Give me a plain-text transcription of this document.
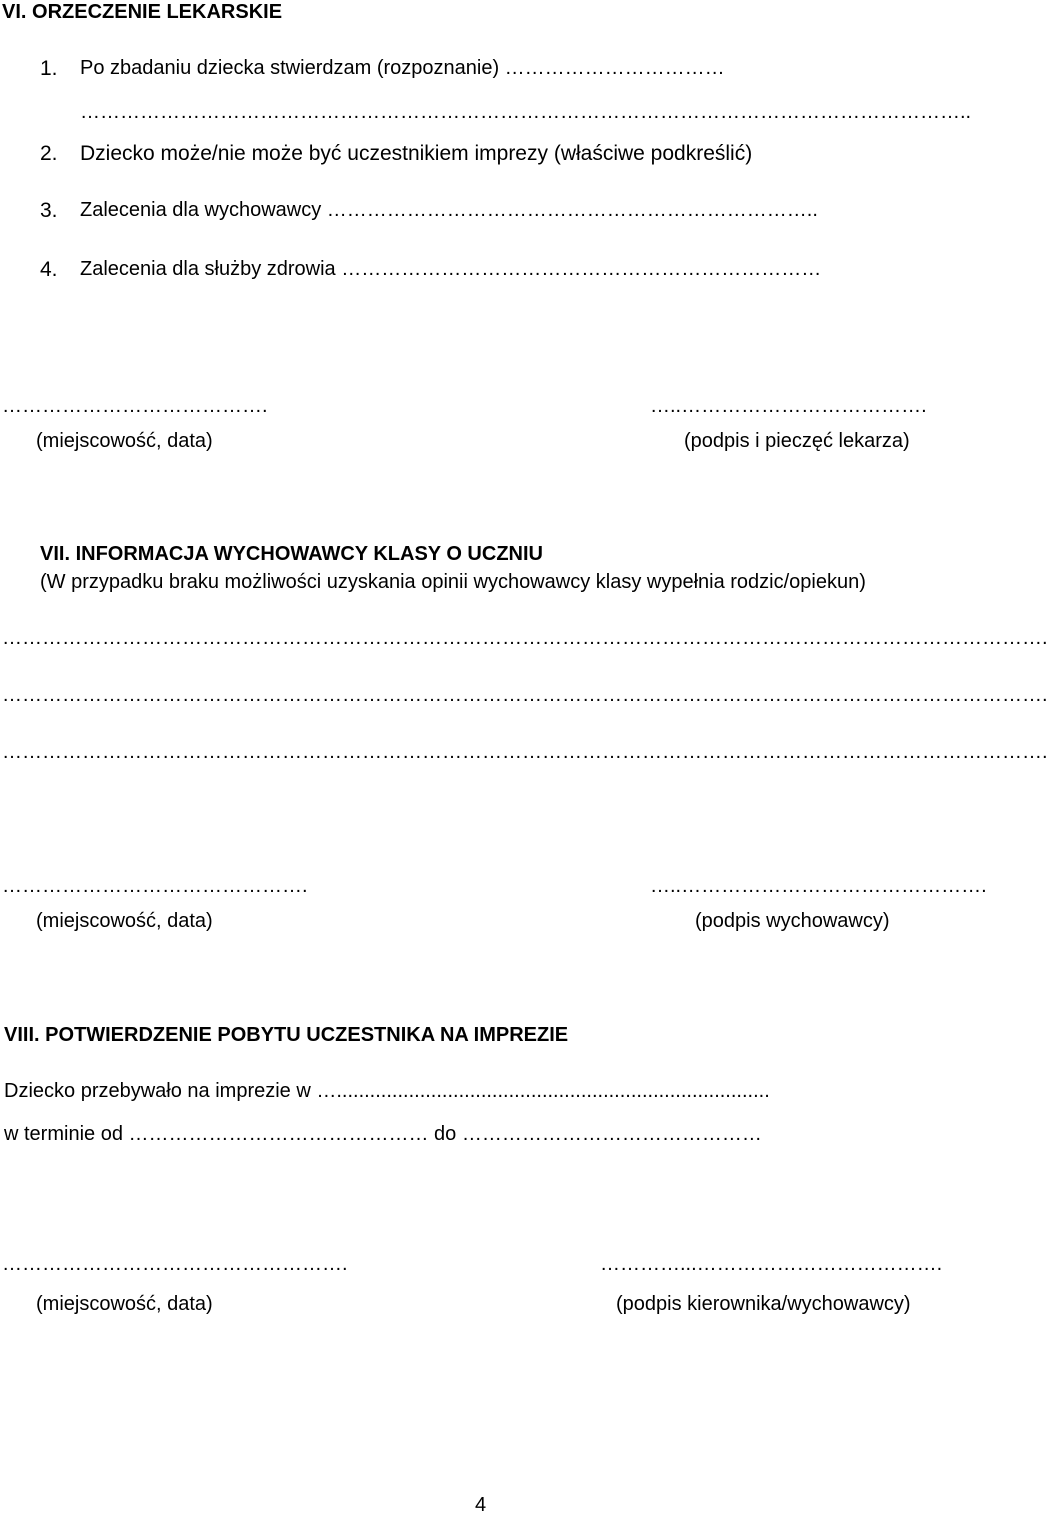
VI. ORZECZENIE LEKARSKIE
1. Po zbadaniu dziecka stwierdzam (rozpoznanie) ……………………………
……………………………………………………………………………………………………………………..
2. Dziecko może/nie może być uczestnikiem imprezy (właściwe podkreślić)
3. Zalecenia dla wychowawcy ………………………………………………………………..
4. Zalecenia dla służby zdrowia ………………………………………………………………
………………………………….	…..……………………………….
(miejscowość, data)	(podpis i pieczęć lekarza)
VII. INFORMACJA WYCHOWAWCY KLASY O UCZNIU
(W przypadku braku możliwości uzyskania opinii wychowawcy klasy wypełnia rodzic/opiekun)
………………………………………………………………………………………………………………………………………….
………………………………………………………………………………………………………………………………………….
………………………………………………………………………………………………………………………………………….
……………………………………….	…..……………………………………….
(miejscowość, data)	(podpis wychowawcy)
VIII. POTWIERDZENIE POBYTU UCZESTNIKA NA IMPREZIE
Dziecko przebywało na imprezie w …..............................................................................
w terminie od ……………………………………… do ………………………………………
…………………………………………….	…………...……………………………….
(miejscowość, data)	(podpis kierownika/wychowawcy)
4
